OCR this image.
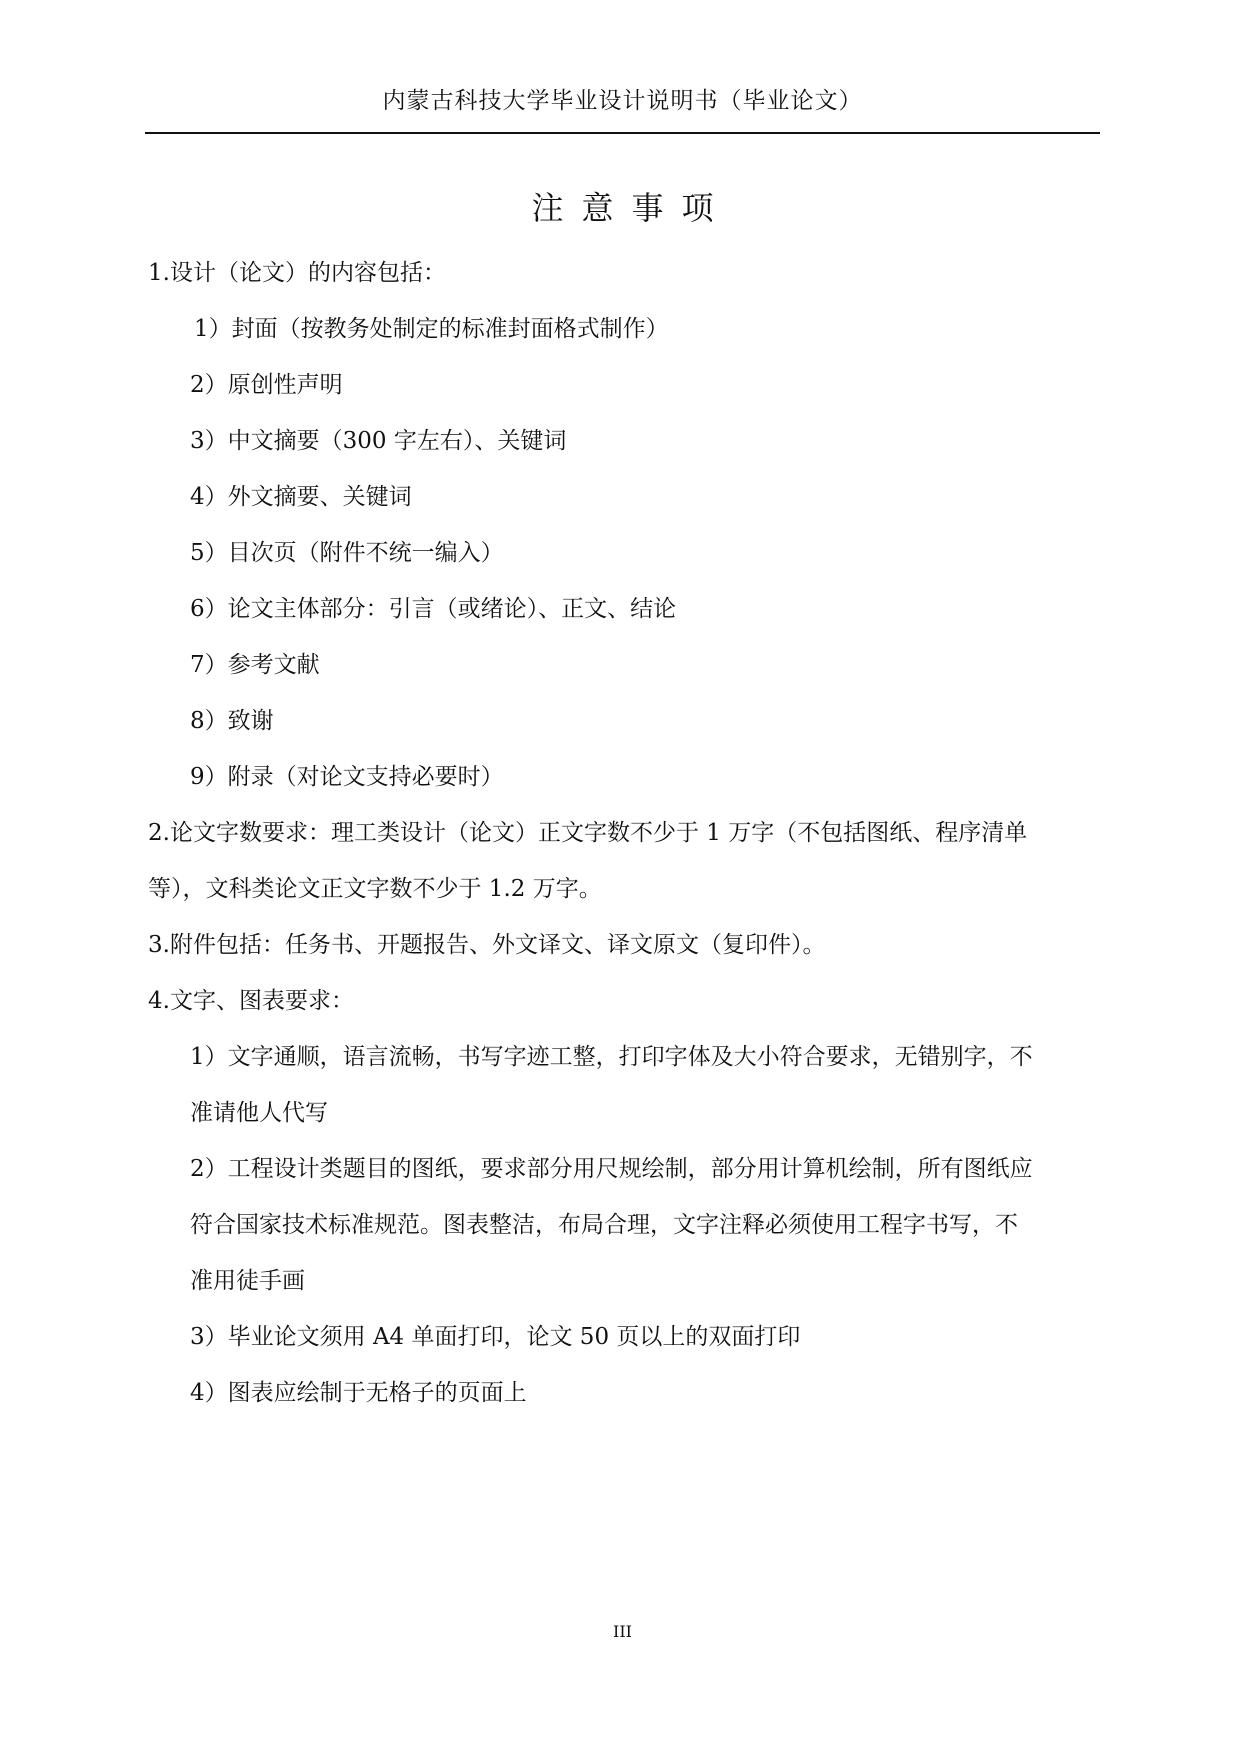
内蒙古科技大学毕业设计说明书（毕业论文）
注意事项
1.设计（论文）的内容包括：
1）封面（按教务处制定的标准封面格式制作）
2）原创性声明
3）中文摘要（300 字左右）、关键词
4）外文摘要、关键词
5）目次页（附件不统一编入）
6）论文主体部分：引言（或绪论）、正文、结论
7）参考文献
8）致谢
9）附录（对论文支持必要时）
2.论文字数要求：理工类设计（论文）正文字数不少于 1 万字（不包括图纸、程序清单
等），文科类论文正文字数不少于 1.2 万字。
3.附件包括：任务书、开题报告、外文译文、译文原文（复印件）。
4.文字、图表要求：
1）文字通顺，语言流畅，书写字迹工整，打印字体及大小符合要求，无错别字，不
准请他人代写
2）工程设计类题目的图纸，要求部分用尺规绘制，部分用计算机绘制，所有图纸应
符合国家技术标准规范。图表整洁，布局合理，文字注释必须使用工程字书写，不
准用徒手画
3）毕业论文须用 A4 单面打印，论文 50 页以上的双面打印
4）图表应绘制于无格子的页面上
III
